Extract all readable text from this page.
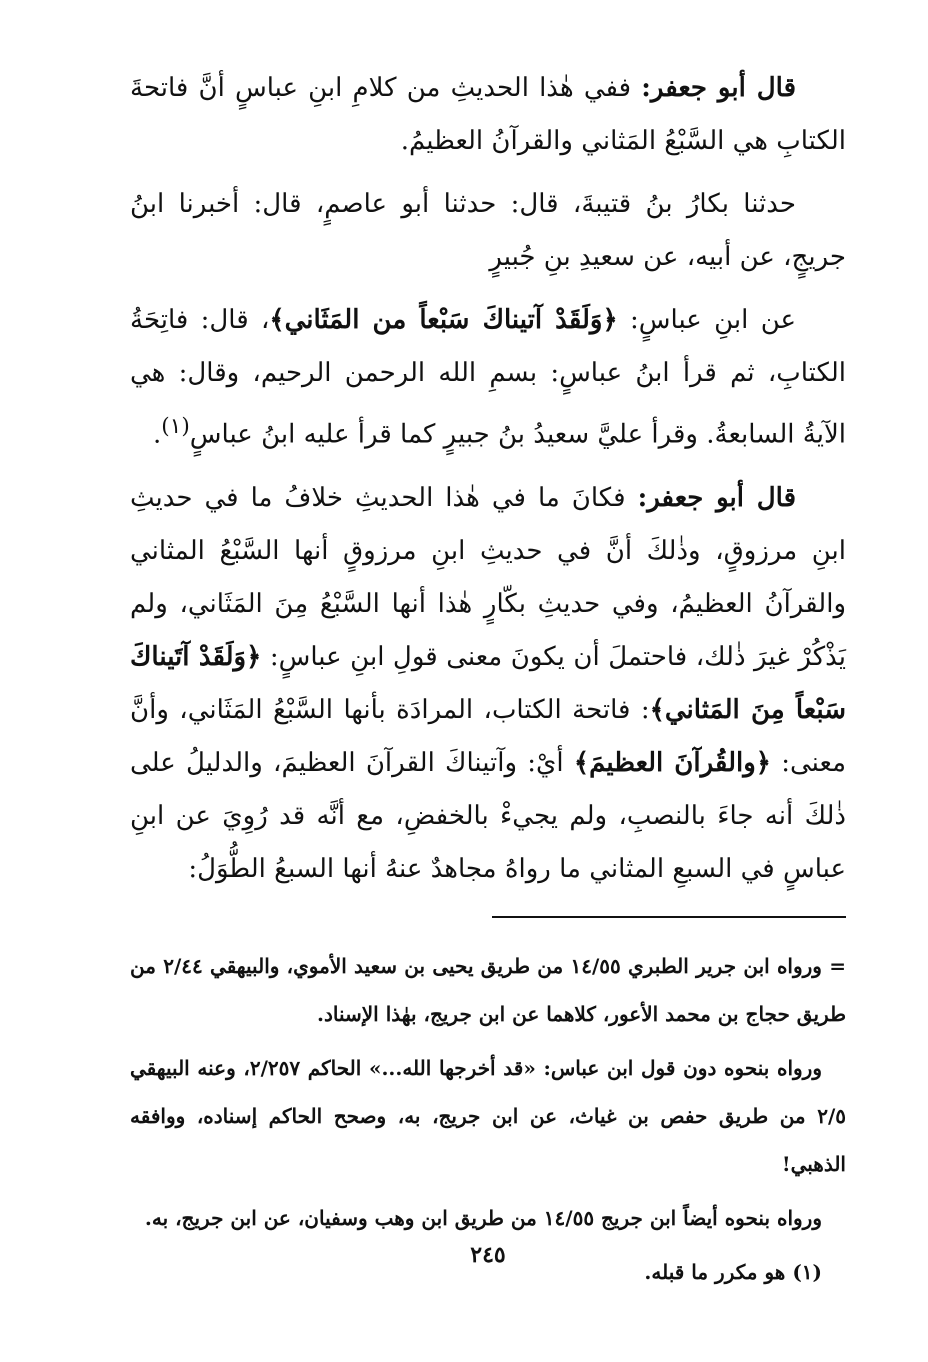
قال أبو جعفر: ففي هٰذا الحديثِ من كلامِ ابنِ عباسٍ أنَّ فاتحةَ الكتابِ هي السَّبْعُ المَثاني والقرآنُ العظيمُ.

حدثنا بكارُ بنُ قتيبةَ، قال: حدثنا أبو عاصمٍ، قال: أخبرنا ابنُ جريجٍ، عن أبيه، عن سعيدِ بنِ جُبيرٍ

عن ابنِ عباسٍ: ﴿وَلَقَدْ آتيناكَ سَبْعاً من المَثَاني﴾، قال: فاتِحَةُ الكتابِ، ثم قرأ ابنُ عباسٍ: بسمِ الله الرحمن الرحيم، وقال: هي الآيةُ السابعةُ. وقرأ عليَّ سعيدُ بنُ جبيرٍ كما قرأ عليه ابنُ عباسٍ$^{(١)}$.

قال أبو جعفر: فكانَ ما في هٰذا الحديثِ خلافُ ما في حديثِ ابنِ مرزوقٍ، وذٰلكَ أنَّ في حديثِ ابنِ مرزوقٍ أنها السَّبْعُ المثاني والقرآنُ العظيمُ، وفي حديثِ بكّارٍ هٰذا أنها السَّبْعُ مِنَ المَثَاني، ولم يَذْكُرْ غيرَ ذٰلك، فاحتملَ أن يكونَ معنى قولِ ابنِ عباسٍ: ﴿وَلَقَدْ آتَيناكَ سَبْعاً مِنَ المَثاني﴾: فاتحة الكتاب، المرادَة بأنها السَّبْعُ المَثَاني، وأنَّ معنى: ﴿والقُرآنَ العظيمَ﴾ أيْ: وآتيناكَ القرآنَ العظيمَ، والدليلُ على ذٰلكَ أنه جاءَ بالنصبِ، ولم يجيءْ بالخفضِ، مع أنَّه قد رُوِيَ عن ابنِ عباسٍ في السبعِ المثاني ما رواهُ مجاهدٌ عنهُ أنها السبعُ الطُّوَلُ:

= ورواه ابن جرير الطبري ١٤/٥٥ من طريق يحيى بن سعيد الأموي، والبيهقي ٢/٤٤ من طريق حجاج بن محمد الأعور، كلاهما عن ابن جريج، بهٰذا الإسناد.

ورواه بنحوه دون قول ابن عباس: «قد أخرجها الله...» الحاكم ٢/٢٥٧، وعنه البيهقي ٢/٥ من طريق حفص بن غياث، عن ابن جريج، به، وصحح الحاكم إسناده، ووافقه الذهبي!

ورواه بنحوه أيضاً ابن جريج ١٤/٥٥ من طريق ابن وهب وسفيان، عن ابن جريج، به.

(١) هو مكرر ما قبله.

٢٤٥
